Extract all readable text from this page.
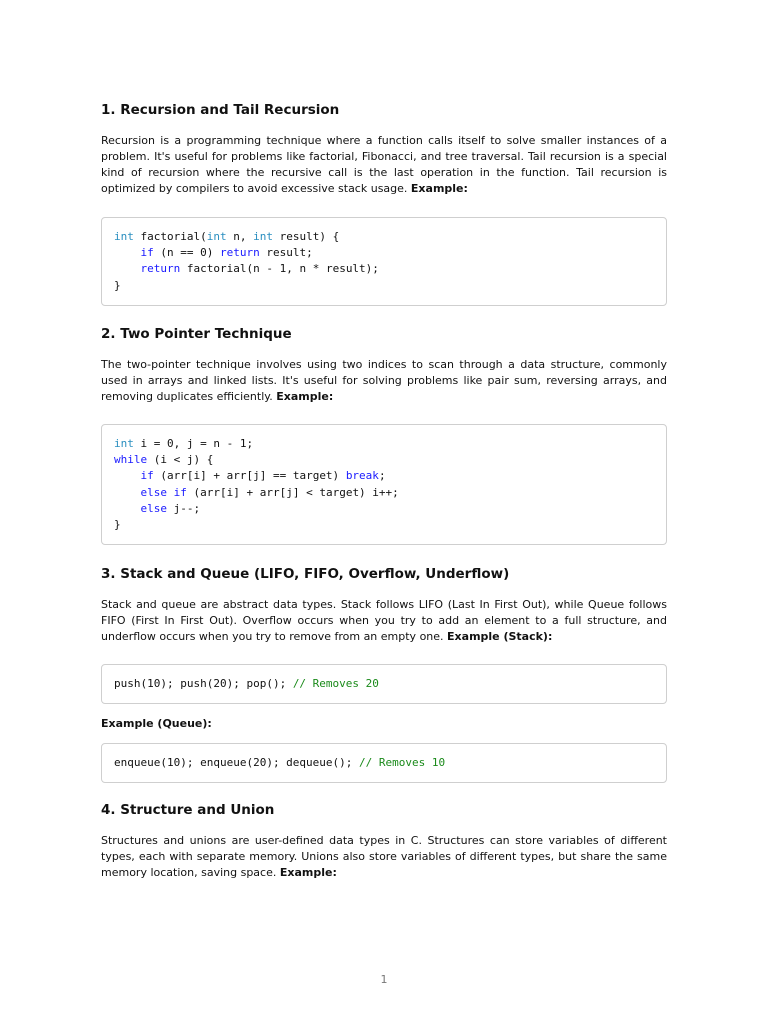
1. Recursion and Tail Recursion

Recursion is a programming technique where a function calls itself to solve smaller instances of a problem. It's useful for problems like factorial, Fibonacci, and tree traversal. Tail recursion is a special kind of recursion where the recursive call is the last operation in the function. Tail recursion is optimized by compilers to avoid excessive stack usage. Example:

int factorial(int n, int result) {
if (n == 0) return result;
return factorial(n - 1, n * result);
}
2. Two Pointer Technique

The two-pointer technique involves using two indices to scan through a data structure, commonly used in arrays and linked lists. It's useful for solving problems like pair sum, reversing arrays, and removing duplicates efficiently. Example:

int i = 0, j = n - 1;
while (i < j) {
if (arr[i] + arr[j] == target) break;
else if (arr[i] + arr[j] < target) i++;
else j--;
}
3. Stack and Queue (LIFO, FIFO, Overflow, Underflow)

Stack and queue are abstract data types. Stack follows LIFO (Last In First Out), while Queue follows FIFO (First In First Out). Overflow occurs when you try to add an element to a full structure, and underflow occurs when you try to remove from an empty one. Example (Stack):

push(10); push(20); pop(); // Removes 20
Example (Queue):
enqueue(10); enqueue(20); dequeue(); // Removes 10
4. Structure and Union

Structures and unions are user-defined data types in C. Structures can store variables of different types, each with separate memory. Unions also store variables of different types, but share the same memory location, saving space. Example:

1
